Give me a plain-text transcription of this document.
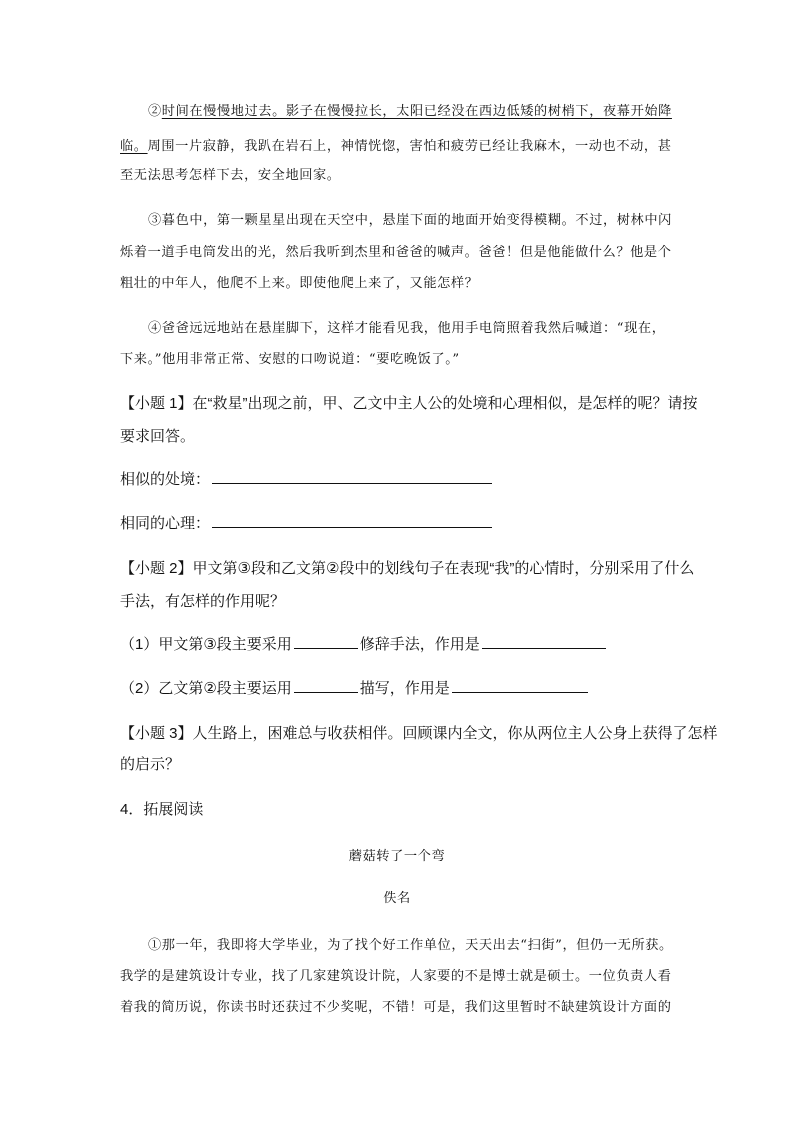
②时间在慢慢地过去。影子在慢慢拉长，太阳已经没在西边低矮的树梢下，夜幕开始降
临。周围一片寂静，我趴在岩石上，神情恍惚，害怕和疲劳已经让我麻木，一动也不动，甚
至无法思考怎样下去，安全地回家。
③暮色中，第一颗星星出现在天空中，悬崖下面的地面开始变得模糊。不过，树林中闪
烁着一道手电筒发出的光，然后我听到杰里和爸爸的喊声。爸爸！但是他能做什么？他是个
粗壮的中年人，他爬不上来。即使他爬上来了，又能怎样？
④爸爸远远地站在悬崖脚下，这样才能看见我，他用手电筒照着我然后喊道：“现在，
下来。”他用非常正常、安慰的口吻说道：“要吃晚饭了。”
【小题 1】在“救星”出现之前，甲、乙文中主人公的处境和心理相似，是怎样的呢？请按
要求回答。
相似的处境：
相同的心理：
【小题 2】甲文第③段和乙文第②段中的划线句子在表现“我”的心情时，分别采用了什么
手法，有怎样的作用呢？
（1）甲文第③段主要采用	修辞手法，作用是
（2）乙文第②段主要运用	描写，作用是
【小题 3】人生路上，困难总与收获相伴。回顾课内全文，你从两位主人公身上获得了怎样
的启示？
4．拓展阅读
蘑菇转了一个弯
佚名
①那一年，我即将大学毕业，为了找个好工作单位，天天出去“扫街”，但仍一无所获。
我学的是建筑设计专业，找了几家建筑设计院，人家要的不是博士就是硕士。一位负责人看
着我的简历说，你读书时还获过不少奖呢，不错！可是，我们这里暂时不缺建筑设计方面的
